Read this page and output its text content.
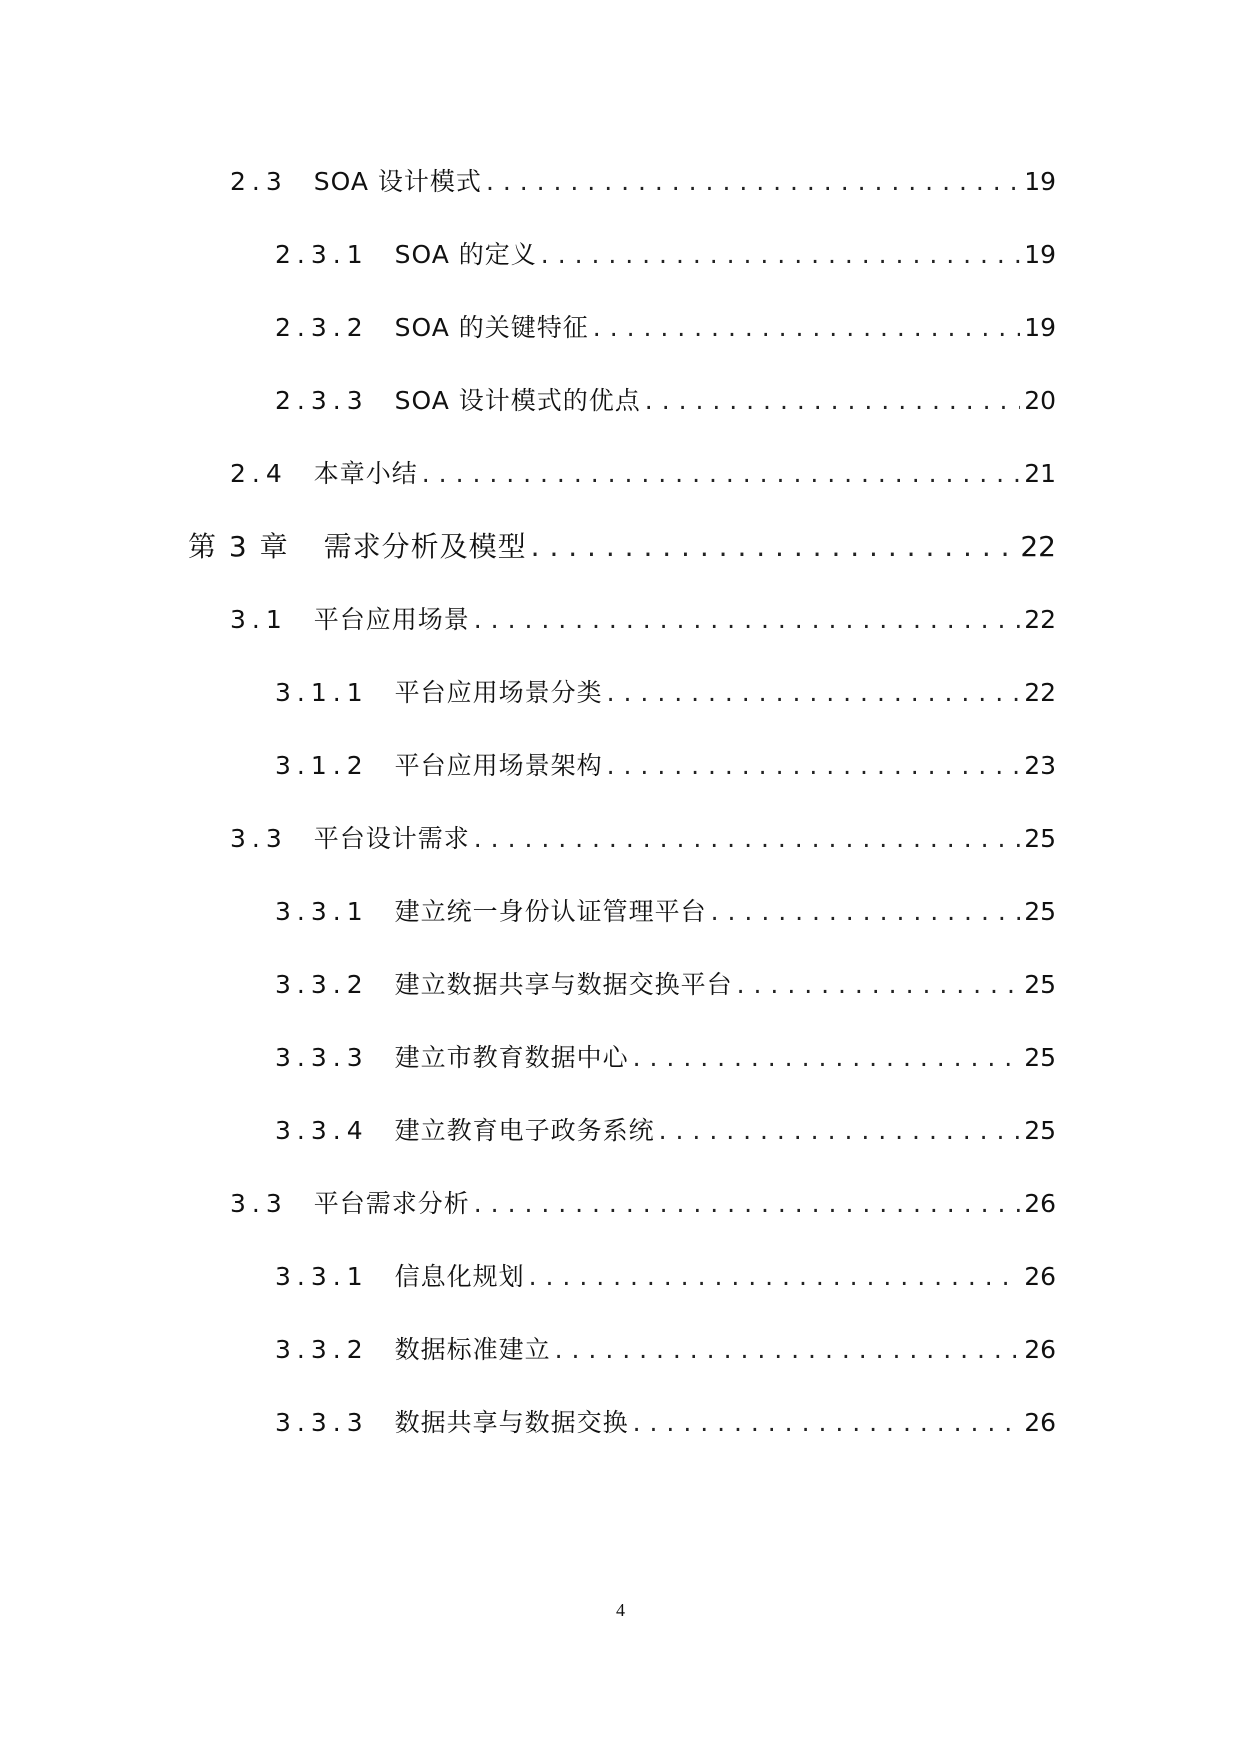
2.3 SOA 设计模式 . . .	19
2.3.1 SOA 的定义 . . .	19
2.3.2 SOA 的关键特征 . . .	19
2.3.3 SOA 设计模式的优点 . . .	20
2.4 本章小结 . . .	21
第 3 章 需求分析及模型 . . .	22
3.1 平台应用场景 . . .	22
3.1.1 平台应用场景分类 . . .	22
3.1.2 平台应用场景架构 . . .	23
3.3 平台设计需求 . . .	25
3.3.1 建立统一身份认证管理平台 . . .	25
3.3.2 建立数据共享与数据交换平台 . . .	25
3.3.3 建立市教育数据中心 . . .	25
3.3.4 建立教育电子政务系统 . . .	25
3.3 平台需求分析 . . .	26
3.3.1 信息化规划 . . .	26
3.3.2 数据标准建立 . . .	26
3.3.3 数据共享与数据交换 . . .	26
4
